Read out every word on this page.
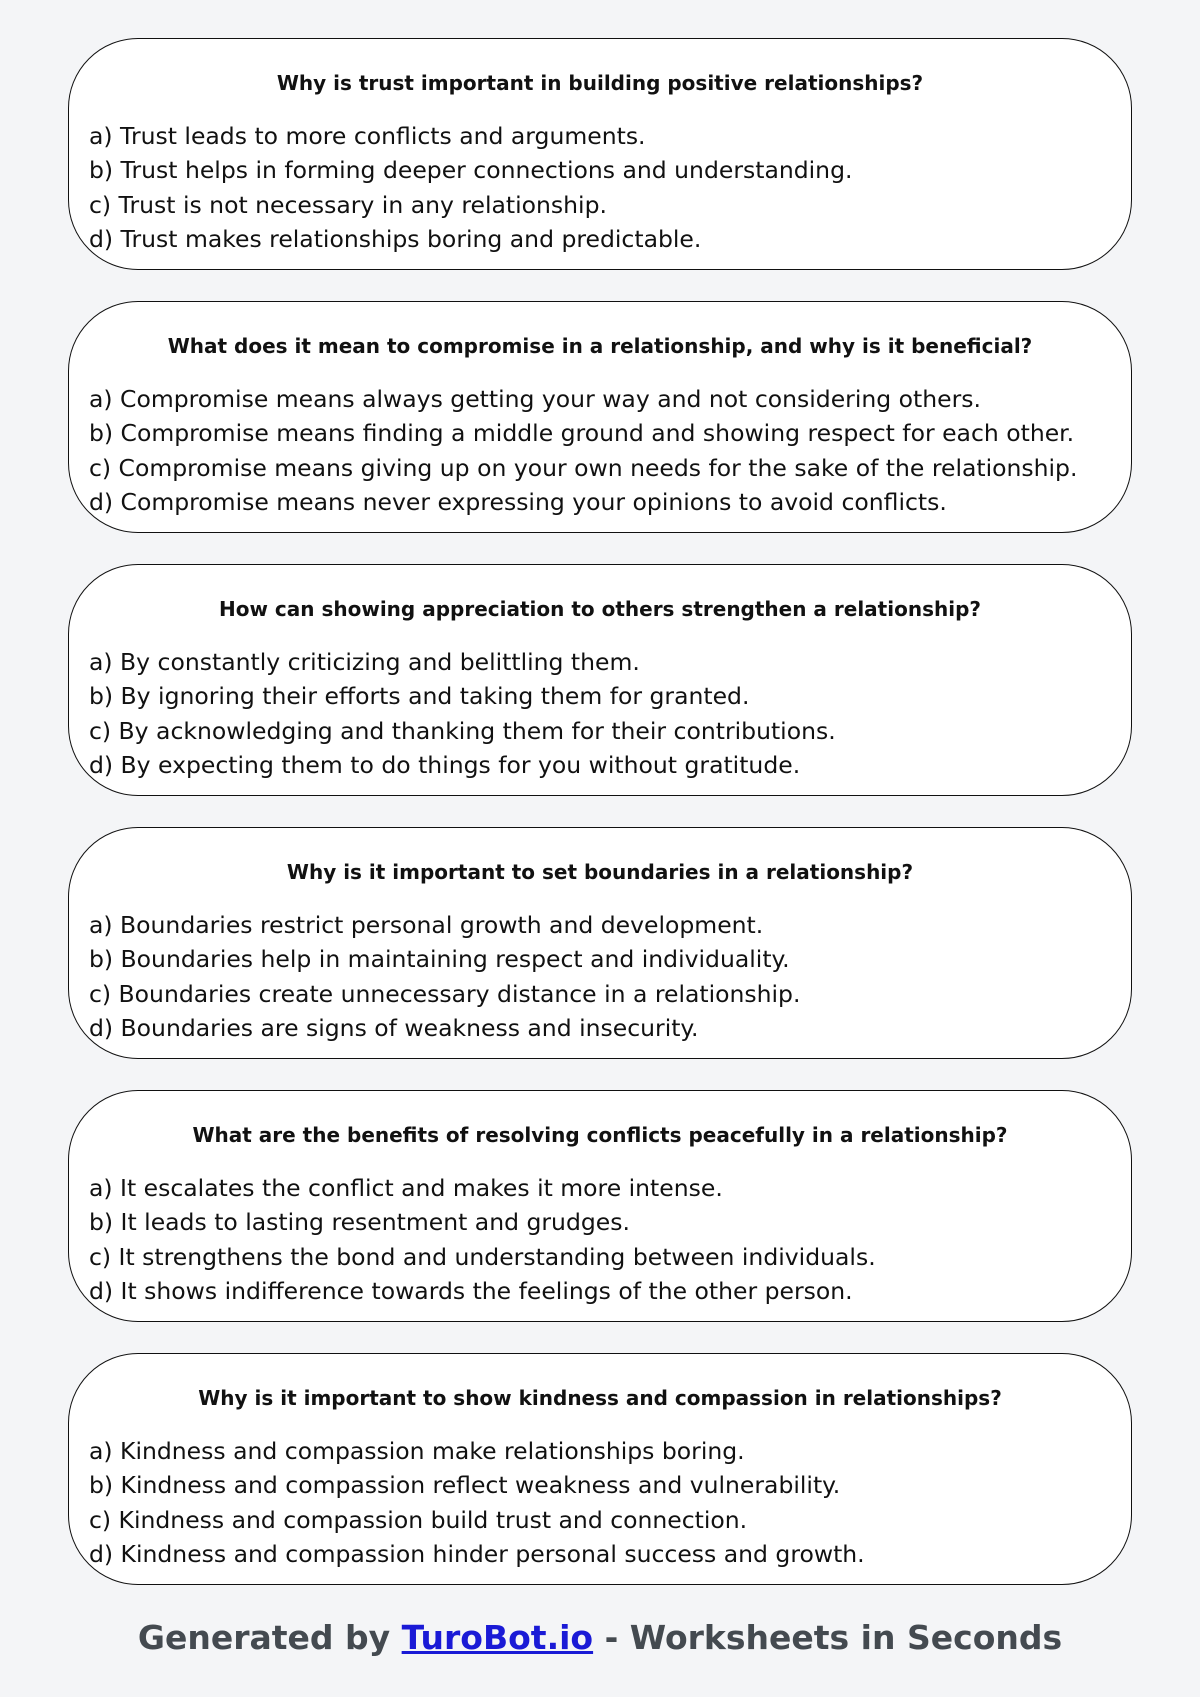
Why is trust important in building positive relationships?
a) Trust leads to more conflicts and arguments.
b) Trust helps in forming deeper connections and understanding.
c) Trust is not necessary in any relationship.
d) Trust makes relationships boring and predictable.
What does it mean to compromise in a relationship, and why is it beneficial?
a) Compromise means always getting your way and not considering others.
b) Compromise means finding a middle ground and showing respect for each other.
c) Compromise means giving up on your own needs for the sake of the relationship.
d) Compromise means never expressing your opinions to avoid conflicts.
How can showing appreciation to others strengthen a relationship?
a) By constantly criticizing and belittling them.
b) By ignoring their efforts and taking them for granted.
c) By acknowledging and thanking them for their contributions.
d) By expecting them to do things for you without gratitude.
Why is it important to set boundaries in a relationship?
a) Boundaries restrict personal growth and development.
b) Boundaries help in maintaining respect and individuality.
c) Boundaries create unnecessary distance in a relationship.
d) Boundaries are signs of weakness and insecurity.
What are the benefits of resolving conflicts peacefully in a relationship?
a) It escalates the conflict and makes it more intense.
b) It leads to lasting resentment and grudges.
c) It strengthens the bond and understanding between individuals.
d) It shows indifference towards the feelings of the other person.
Why is it important to show kindness and compassion in relationships?
a) Kindness and compassion make relationships boring.
b) Kindness and compassion reflect weakness and vulnerability.
c) Kindness and compassion build trust and connection.
d) Kindness and compassion hinder personal success and growth.
Generated by TuroBot.io - Worksheets in Seconds
